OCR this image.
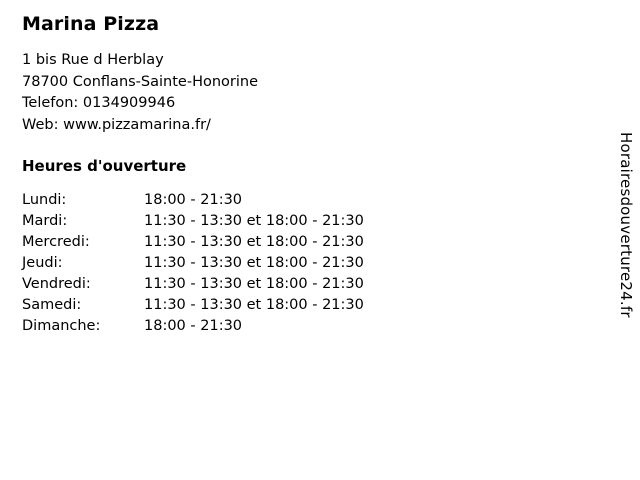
Marina Pizza
1 bis Rue d Herblay
78700 Conflans-Sainte-Honorine
Telefon: 0134909946
Web: www.pizzamarina.fr/
Heures d'ouverture
Lundi:	18:00 - 21:30
Mardi:	11:30 - 13:30 et 18:00 - 21:30
Mercredi:	11:30 - 13:30 et 18:00 - 21:30
Jeudi:	11:30 - 13:30 et 18:00 - 21:30
Vendredi:	11:30 - 13:30 et 18:00 - 21:30
Samedi:	11:30 - 13:30 et 18:00 - 21:30
Dimanche:	18:00 - 21:30
Horairesdouverture24.fr
